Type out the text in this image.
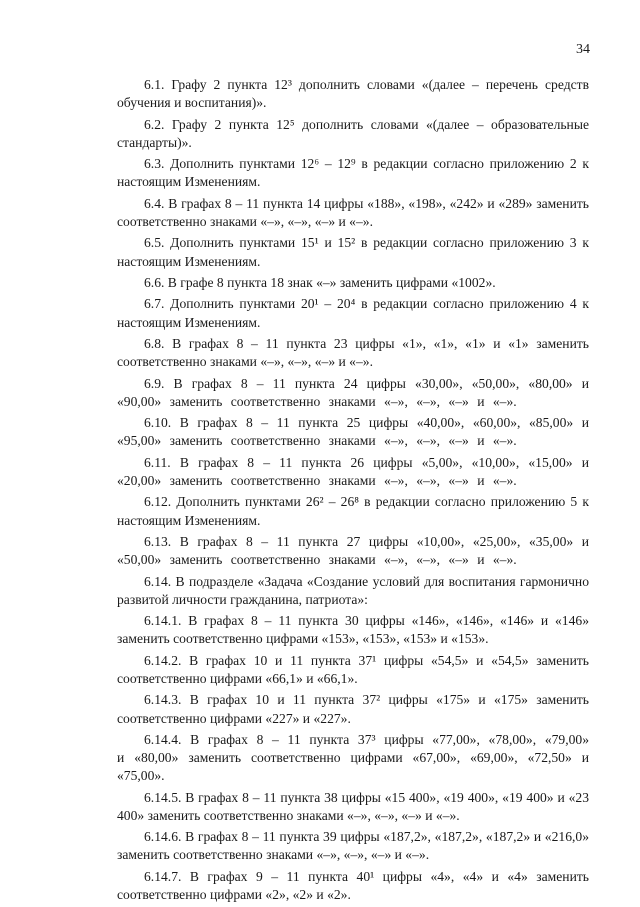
34

6.1. Графу 2 пункта 12³ дополнить словами «(далее – перечень средств обучения и воспитания)».

6.2. Графу 2 пункта 12⁵ дополнить словами «(далее – образовательные стандарты)».

6.3. Дополнить пунктами 12⁶ – 12⁹ в редакции согласно приложению 2 к настоящим Изменениям.

6.4. В графах 8 – 11 пункта 14 цифры «188», «198», «242» и «289» заменить соответственно знаками «–», «–», «–» и «–».

6.5. Дополнить пунктами 15¹ и 15² в редакции согласно приложению 3 к настоящим Изменениям.

6.6. В графе 8 пункта 18 знак «–» заменить цифрами «1002».

6.7. Дополнить пунктами 20¹ – 20⁴ в редакции согласно приложению 4 к настоящим Изменениям.

6.8. В графах 8 – 11 пункта 23 цифры «1», «1», «1» и «1» заменить соответственно знаками «–», «–», «–» и «–».

6.9. В графах 8 – 11 пункта 24 цифры «30,00», «50,00», «80,00» и «90,00» заменить соответственно знаками «–», «–», «–» и «–».

6.10. В графах 8 – 11 пункта 25 цифры «40,00», «60,00», «85,00» и «95,00» заменить соответственно знаками «–», «–», «–» и «–».

6.11. В графах 8 – 11 пункта 26 цифры «5,00», «10,00», «15,00» и «20,00» заменить соответственно знаками «–», «–», «–» и «–».

6.12. Дополнить пунктами 26² – 26⁸ в редакции согласно приложению 5 к настоящим Изменениям.

6.13. В графах 8 – 11 пункта 27 цифры «10,00», «25,00», «35,00» и «50,00» заменить соответственно знаками «–», «–», «–» и «–».

6.14. В подразделе «Задача «Создание условий для воспитания гармонично развитой личности гражданина, патриота»:

6.14.1. В графах 8 – 11 пункта 30 цифры «146», «146», «146» и «146» заменить соответственно цифрами «153», «153», «153» и «153».

6.14.2. В графах 10 и 11 пункта 37¹ цифры «54,5» и «54,5» заменить соответственно цифрами «66,1» и «66,1».

6.14.3. В графах 10 и 11 пункта 37² цифры «175» и «175» заменить соответственно цифрами «227» и «227».

6.14.4. В графах 8 – 11 пункта 37³ цифры «77,00», «78,00», «79,00» и «80,00» заменить соответственно цифрами «67,00», «69,00», «72,50» и «75,00».

6.14.5. В графах 8 – 11 пункта 38 цифры «15 400», «19 400», «19 400» и «23 400» заменить соответственно знаками «–», «–», «–» и «–».

6.14.6. В графах 8 – 11 пункта 39 цифры «187,2», «187,2», «187,2» и «216,0» заменить соответственно знаками «–», «–», «–» и «–».

6.14.7. В графах 9 – 11 пункта 40¹ цифры «4», «4» и «4» заменить соответственно цифрами «2», «2» и «2».
